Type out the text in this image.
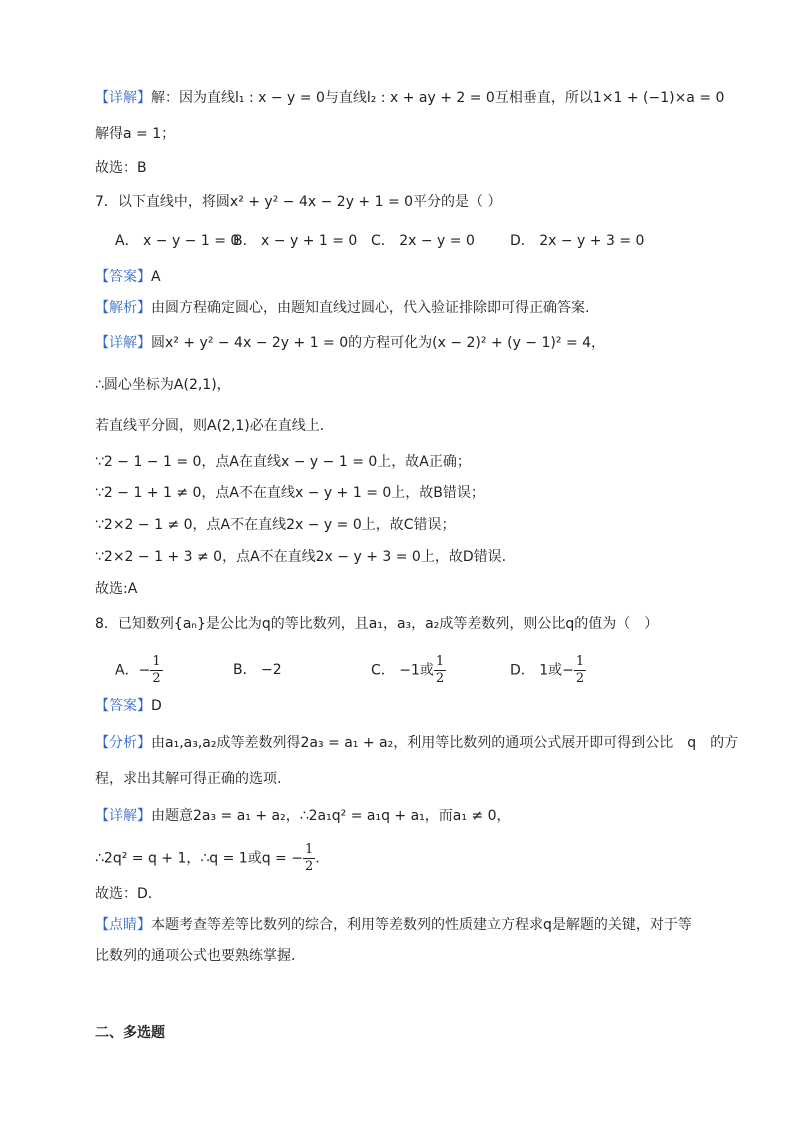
【详解】解：因为直线l₁ : x − y = 0与直线l₂ : x + ay + 2 = 0互相垂直，所以1×1 + (−1)×a = 0
解得a = 1；
故选：B
7．以下直线中，将圆x² + y² − 4x − 2y + 1 = 0平分的是（ ）
A． x − y − 1 = 0
B． x − y + 1 = 0 C． 2x − y = 0	D． 2x − y + 3 = 0
【答案】A
【解析】由圆方程确定圆心，由题知直线过圆心，代入验证排除即可得正确答案.
【详解】圆x² + y² − 4x − 2y + 1 = 0的方程可化为(x − 2)² + (y − 1)² = 4，
∴圆心坐标为A(2,1)，
若直线平分圆，则A(2,1)必在直线上.
∵2 − 1 − 1 = 0，点A在直线x − y − 1 = 0上，故A正确；
∵2 − 1 + 1 ≠ 0，点A不在直线x − y + 1 = 0上，故B错误；
∵2×2 − 1 ≠ 0，点A不在直线2x − y = 0上，故C错误；
∵2×2 − 1 + 3 ≠ 0，点A不在直线2x − y + 3 = 0上，故D错误.
故选:A
8．已知数列{aₙ}是公比为q的等比数列，且a₁，a₃，a₂成等差数列，则公比q的值为（　）
A．− $\frac{1}{2}$	B． −2	C． −1或 $\frac{1}{2}$	D． 1或− $\frac{1}{2}$
【答案】D
【分析】由a₁,a₃,a₂成等差数列得2a₃ = a₁ + a₂，利用等比数列的通项公式展开即可得到公比　q　的方
程，求出其解可得正确的选项.
【详解】由题意2a₃ = a₁ + a₂，∴2a₁q² = a₁q + a₁，而a₁ ≠ 0，
∴2q² = q + 1，∴q = 1或q = − $\frac{1}{2}$ .
故选：D．
【点睛】本题考查等差等比数列的综合，利用等差数列的性质建立方程求q是解题的关键，对于等
比数列的通项公式也要熟练掌握．
二、多选题
